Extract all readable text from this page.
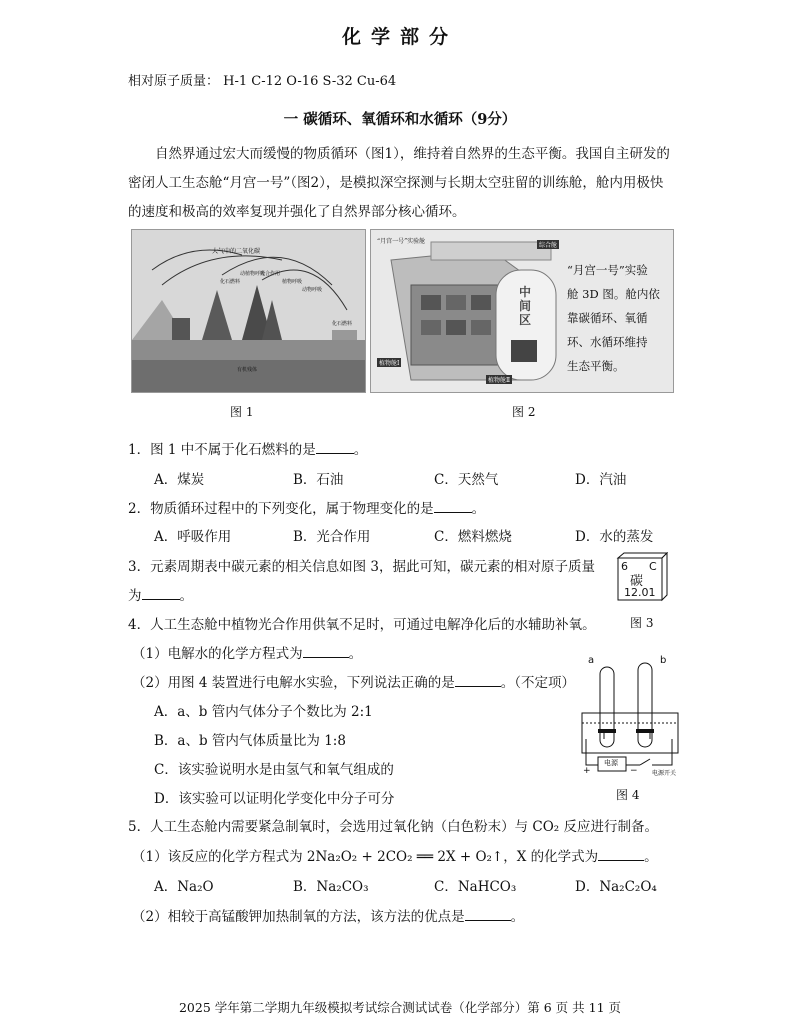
化学部分
相对原子质量： H-1 C-12 O-16 S-32 Cu-64
一 碳循环、氧循环和水循环（9分）
自然界通过宏大而缓慢的物质循环（图1），维持着自然界的生态平衡。我国自主研发的密闭人工生态舱“月宫一号”（图2），是模拟深空探测与长期太空驻留的训练舱，舱内用极快的速度和极高的效率复现并强化了自然界部分核心循环。
大气中的二氧化碳
化石燃料
动植物呼吸
光合作用
植物呼吸
动物呼吸
有机残体
化石燃料
图 1
“月宫一号”实验舱
综合舱
植物舱Ⅰ
植物舱Ⅱ
中
间
区
“月宫一号”实验
舱 3D 图。舱内依
靠碳循环、氧循
环、水循环维持
生态平衡。
图 2
1．图 1 中不属于化石燃料的是	。
A．煤炭	B．石油	C．天然气	D．汽油
2．物质循环过程中的下列变化，属于物理变化的是	。
A．呼吸作用	B．光合作用	C．燃料燃烧	D．水的蒸发
3．元素周期表中碳元素的相关信息如图 3，据此可知，碳元素的相对原子质量
为	。
6 C
碳
12.01
图 3
4．人工生态舱中植物光合作用供氧不足时，可通过电解净化后的水辅助补氧。
（1）电解水的化学方程式为	。
（2）用图 4 装置进行电解水实验，下列说法正确的是	。（不定项）
A．a、b 管内气体分子个数比为 2:1
B．a、b 管内气体质量比为 1:8
C．该实验说明水是由氢气和氧气组成的
D．该实验可以证明化学变化中分子可分
a	b
电源
+	− 电源开关
图 4
5．人工生态舱内需要紧急制氧时，会选用过氧化钠（白色粉末）与 CO₂ 反应进行制备。
（1）该反应的化学方程式为 2Na₂O₂ + 2CO₂ ══ 2X + O₂↑，X 的化学式为	。
A．Na₂O	B．Na₂CO₃	C．NaHCO₃	D．Na₂C₂O₄
（2）相较于高锰酸钾加热制氧的方法，该方法的优点是	。
2025 学年第二学期九年级模拟考试综合测试试卷（化学部分）第 6 页 共 11 页
